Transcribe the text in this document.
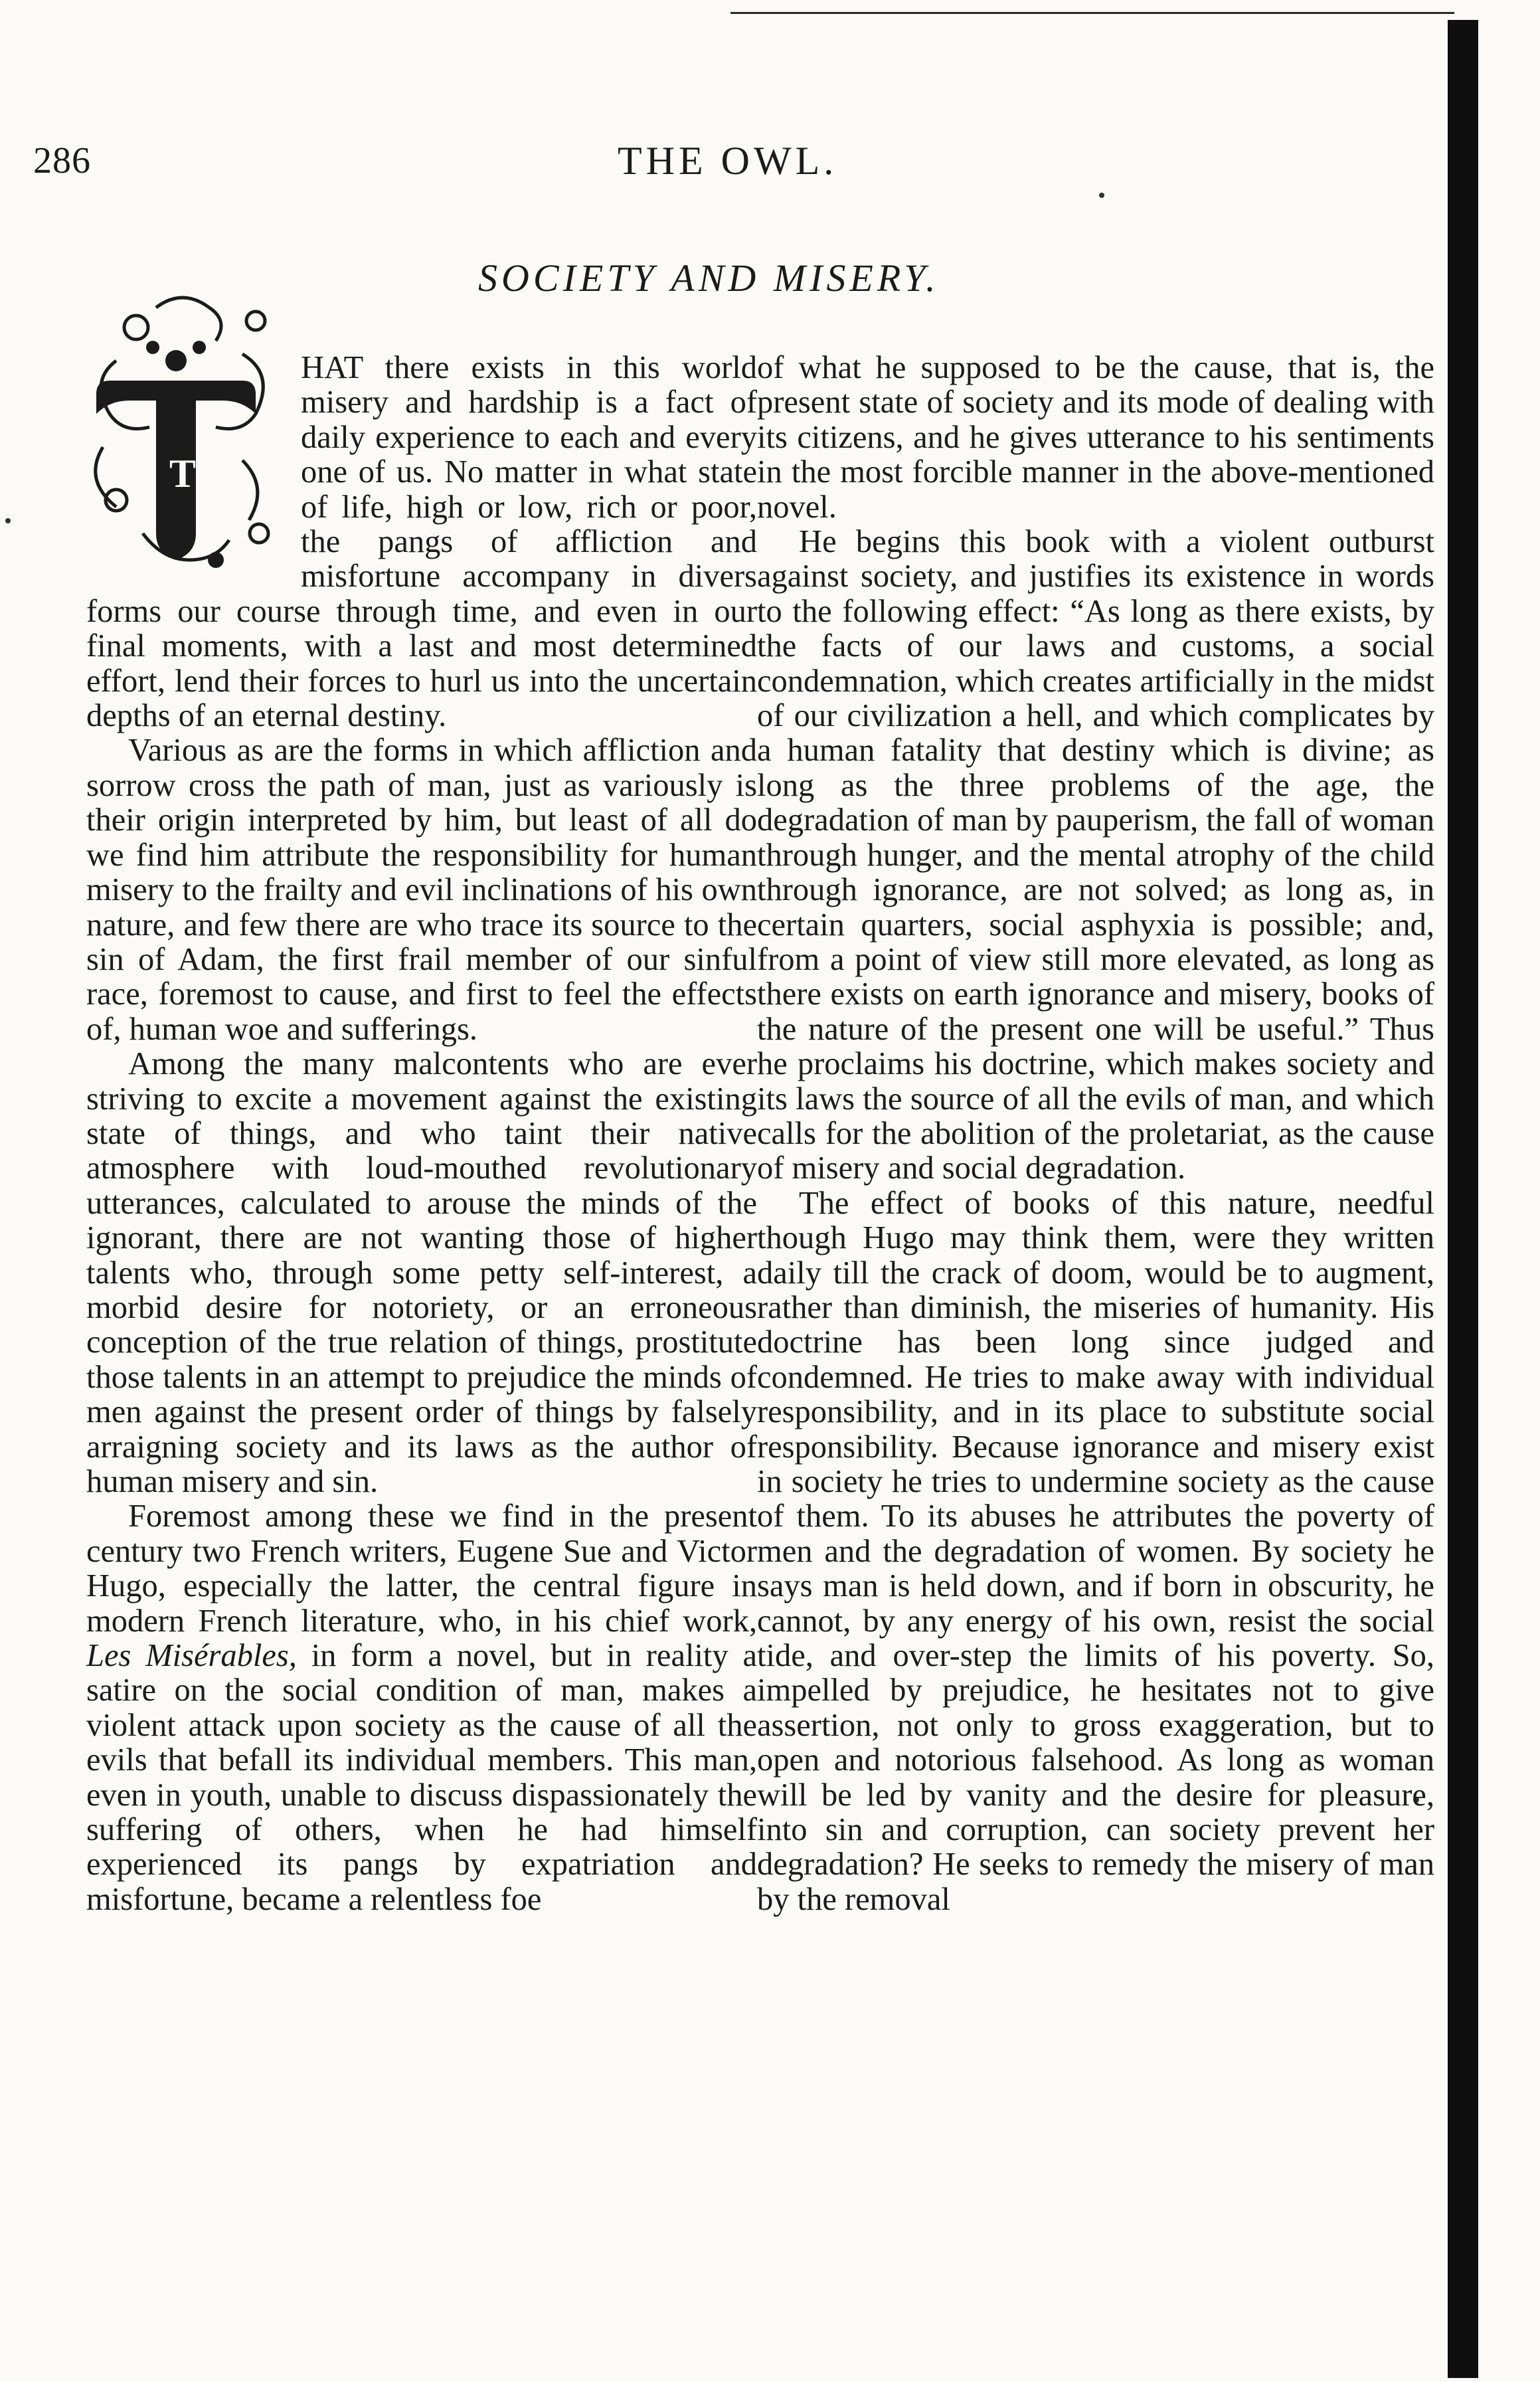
286	THE OWL.
SOCIETY AND MISERY.

T
HAT there exists in this world misery and hardship is a fact of daily experience to each and every one of us. No matter in what state of life, high or low, rich or poor, the pangs of affliction and misfortune accompany in divers forms our course through time, and even in our final moments, with a last and most determined effort, lend their forces to hurl us into the uncertain depths of an eternal destiny.

Various as are the forms in which affliction and sorrow cross the path of man, just as variously is their origin interpreted by him, but least of all do we find him attribute the responsibility for human misery to the frailty and evil inclinations of his own nature, and few there are who trace its source to the sin of Adam, the first frail member of our sinful race, foremost to cause, and first to feel the effects of, human woe and sufferings.

Among the many malcontents who are ever striving to excite a movement against the existing state of things, and who taint their native atmosphere with loud-mouthed revolutionary utterances, calculated to arouse the minds of the ignorant, there are not wanting those of higher talents who, through some petty self-interest, a morbid desire for notoriety, or an erroneous conception of the true relation of things, prostitute those talents in an attempt to prejudice the minds of men against the present order of things by falsely arraigning society and its laws as the author of human misery and sin.

Foremost among these we find in the present century two French writers, Eugene Sue and Victor Hugo, especially the latter, the central figure in modern French literature, who, in his chief work, Les Misérables, in form a novel, but in reality a satire on the social condition of man, makes a violent attack upon society as the cause of all the evils that befall its individual members. This man, even in youth, unable to discuss dispassionately the suffering of others, when he had himself experienced its pangs by expatriation and misfortune, became a relentless foe

of what he supposed to be the cause, that is, the present state of society and its mode of dealing with its citizens, and he gives utterance to his sentiments in the most forcible manner in the above-mentioned novel.

He begins this book with a violent outburst against society, and justifies its existence in words to the following effect: “As long as there exists, by the facts of our laws and customs, a social condemnation, which creates artificially in the midst of our civilization a hell, and which complicates by a human fatality that destiny which is divine; as long as the three problems of the age, the degradation of man by pauperism, the fall of woman through hunger, and the mental atrophy of the child through ignorance, are not solved; as long as, in certain quarters, social asphyxia is possible; and, from a point of view still more elevated, as long as there exists on earth ignorance and misery, books of the nature of the present one will be useful.” Thus he proclaims his doctrine, which makes society and its laws the source of all the evils of man, and which calls for the abolition of the proletariat, as the cause of misery and social degradation.

The effect of books of this nature, needful though Hugo may think them, were they written daily till the crack of doom, would be to augment, rather than diminish, the miseries of humanity. His doctrine has been long since judged and condemned. He tries to make away with individual responsibility, and in its place to substitute social responsibility. Because ignorance and misery exist in society he tries to undermine society as the cause of them. To its abuses he attributes the poverty of men and the degradation of women. By society he says man is held down, and if born in obscurity, he cannot, by any energy of his own, resist the social tide, and over-step the limits of his poverty. So, impelled by prejudice, he hesitates not to give assertion, not only to gross exaggeration, but to open and notorious falsehood. As long as woman will be led by vanity and the desire for pleasure, into sin and corruption, can society prevent her degradation? He seeks to remedy the misery of man by the removal
